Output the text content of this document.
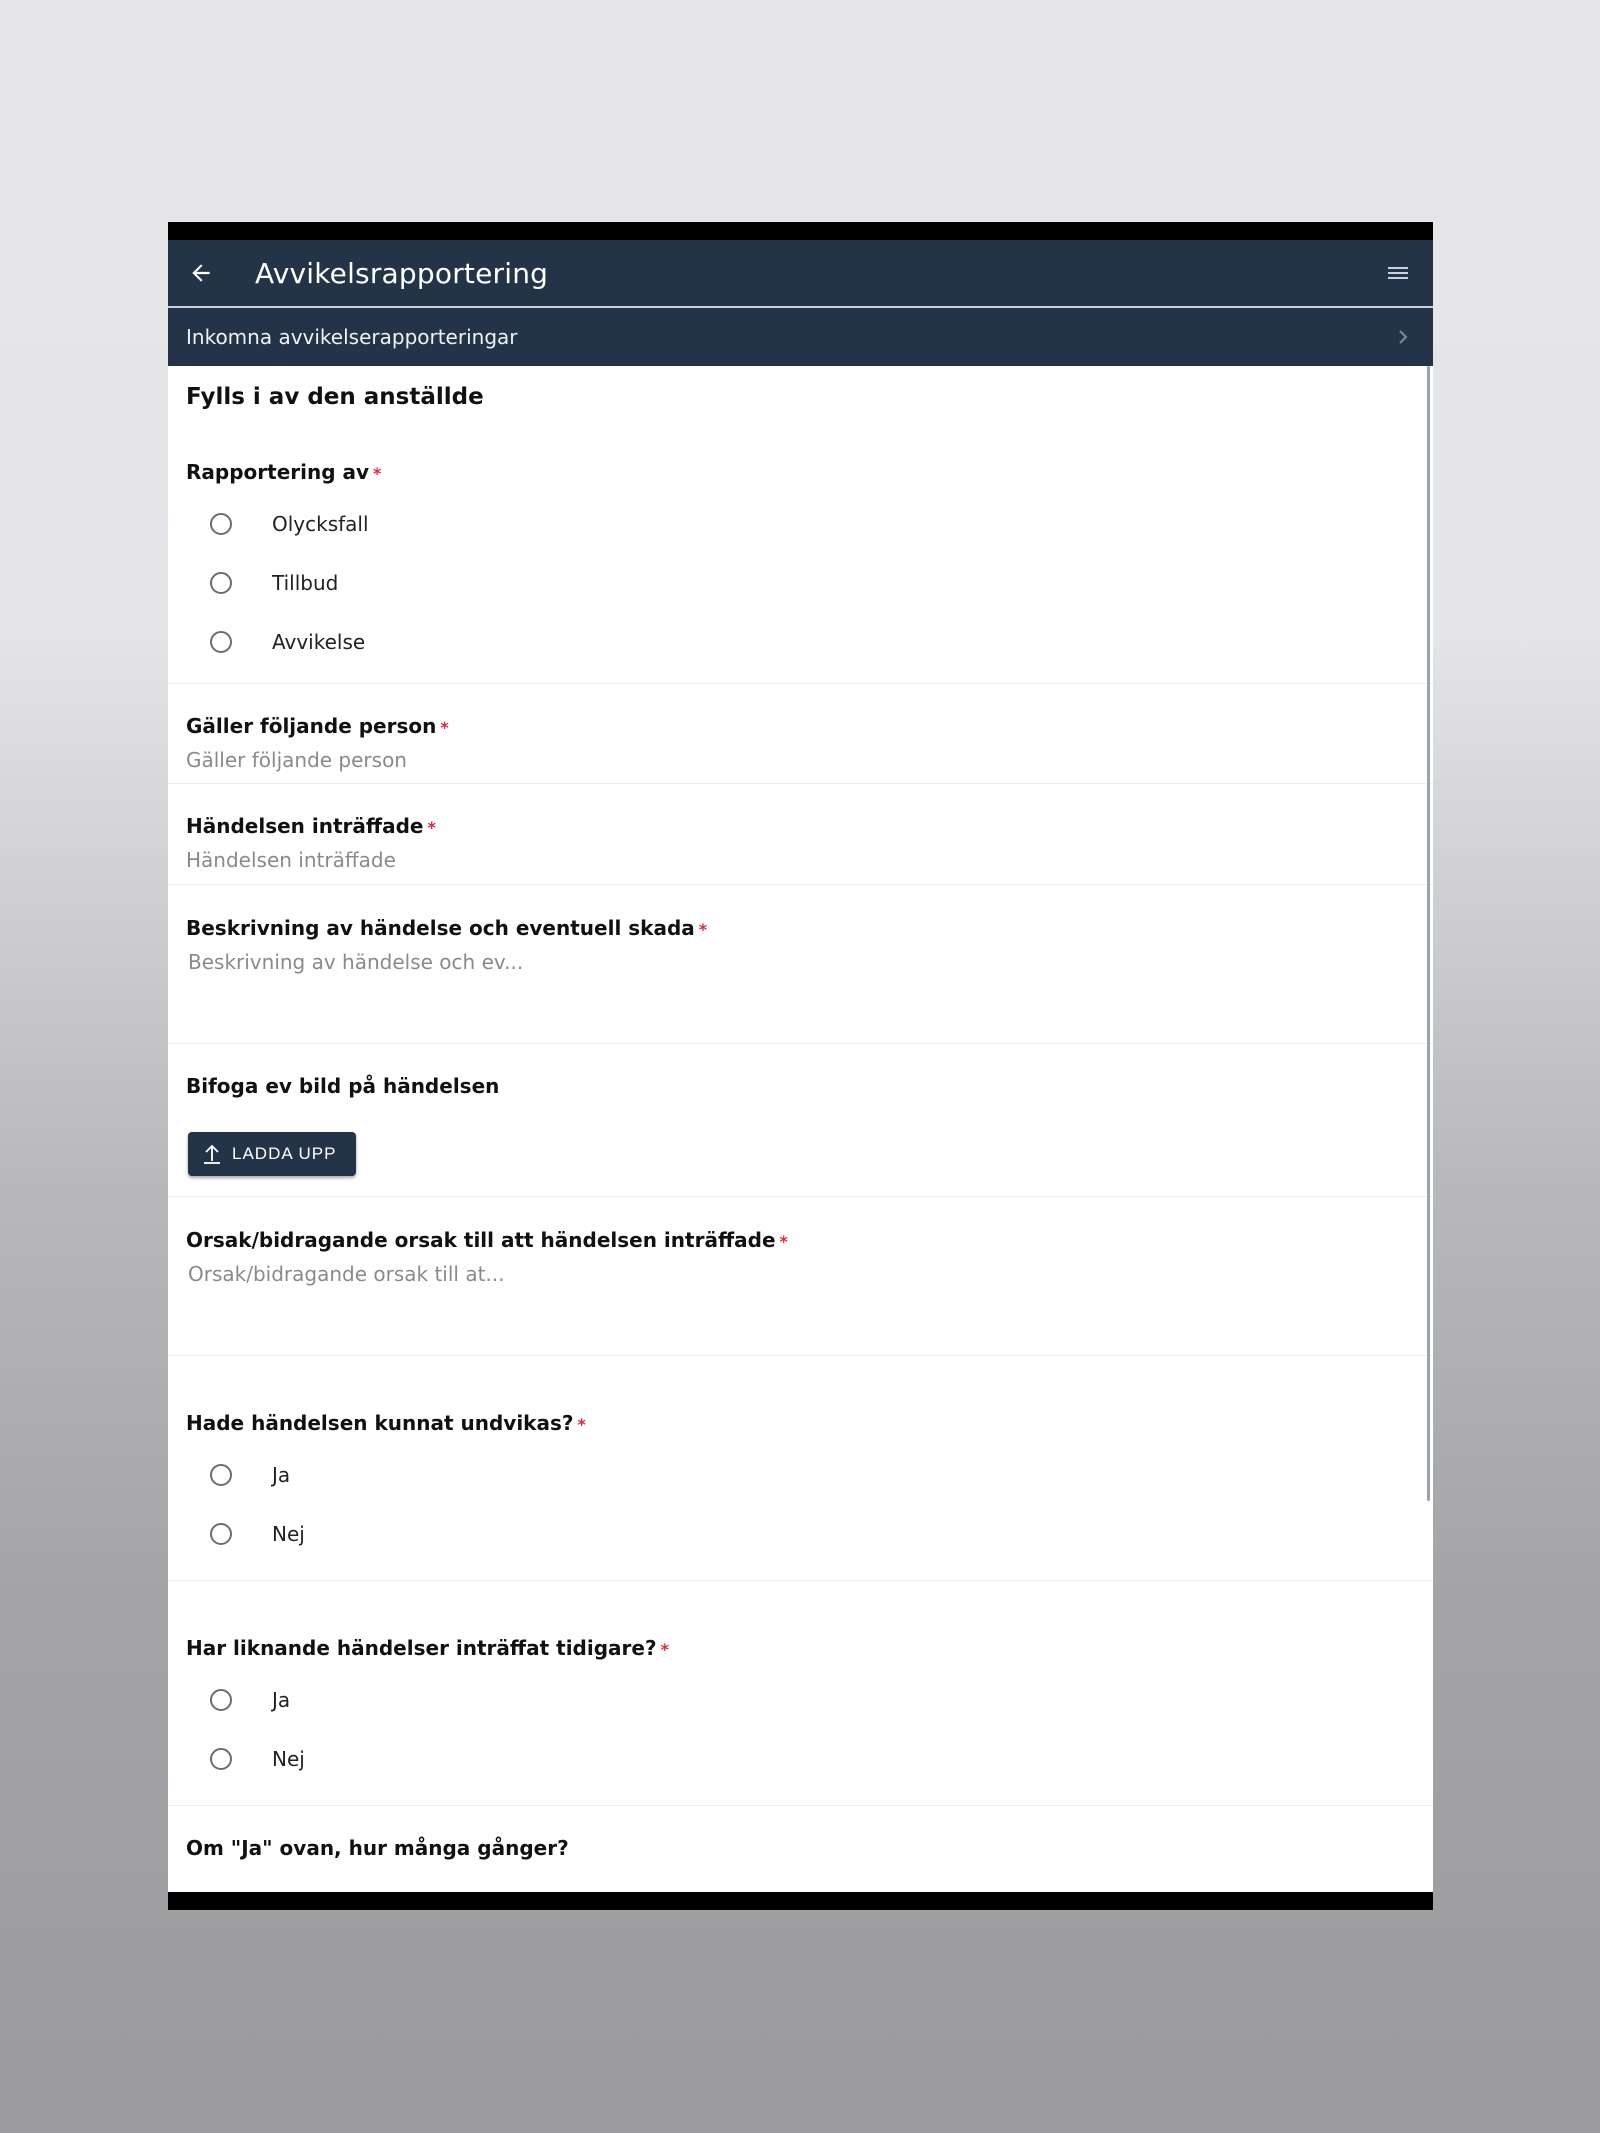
Avvikelsrapportering
Inkomna avvikelserapporteringar
Fylls i av den anställde
Rapportering av *
Olycksfall
Tillbud
Avvikelse
Gäller följande person *
Gäller följande person
Händelsen inträffade *
Händelsen inträffade
Beskrivning av händelse och eventuell skada *
Beskrivning av händelse och ev...
Bifoga ev bild på händelsen
LADDA UPP
Orsak/bidragande orsak till att händelsen inträffade *
Orsak/bidragande orsak till at...
Hade händelsen kunnat undvikas? *
Ja
Nej
Har liknande händelser inträffat tidigare? *
Ja
Nej
Om "Ja" ovan, hur många gånger?
